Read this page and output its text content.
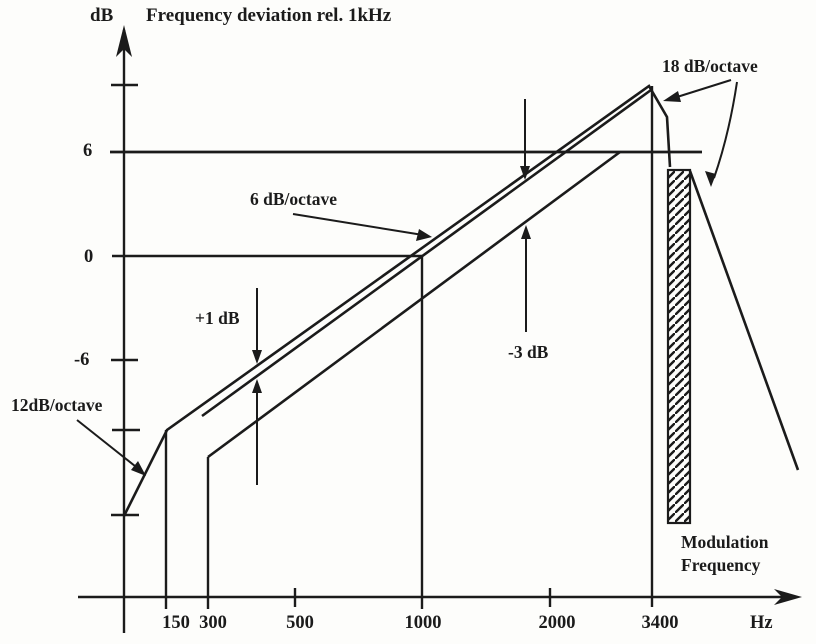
dB Frequency deviation rel. 1kHz
6
0
-6
12dB/octave
6 dB/octave
18 dB/octave
+1 dB
-3 dB
Modulation Frequency
150 300	500	1000	2000	3400	Hz
